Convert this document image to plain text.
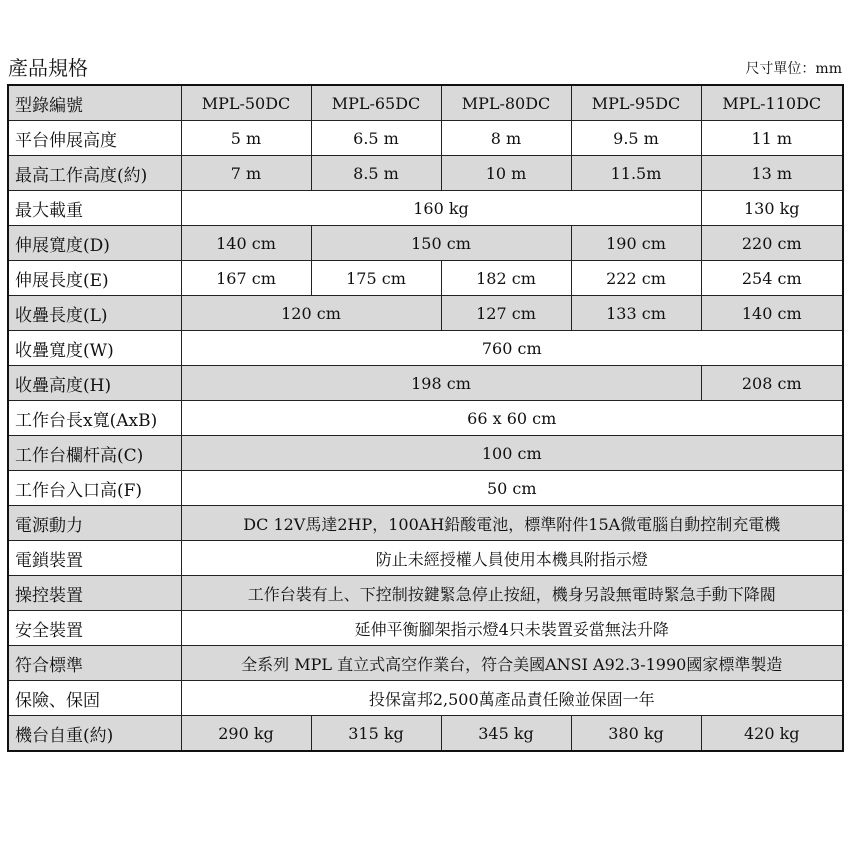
產品規格	尺寸單位：mm
型錄編號	MPL-50DC	MPL-65DC	MPL-80DC	MPL-95DC	MPL-110DC
平台伸展高度	5 m	6.5 m	8 m	9.5 m	11 m
最高工作高度(約)	7 m	8.5 m	10 m	11.5m	13 m
最大載重	160 kg				130 kg
伸展寬度(D)	140 cm	150 cm		190 cm	220 cm
伸展長度(E)	167 cm	175 cm	182 cm	222 cm	254 cm
收疊長度(L)	120 cm		127 cm	133 cm	140 cm
收疊寬度(W)	760 cm				
收疊高度(H)	198 cm				208 cm
工作台長x寬(AxB)	66 x 60 cm				
工作台欄杆高(C)	100 cm				
工作台入口高(F)	50 cm				
電源動力	DC 12V馬達2HP，100AH鉛酸電池，標準附件15A微電腦自動控制充電機				
電鎖裝置	防止未經授權人員使用本機具附指示燈				
操控裝置	工作台裝有上、下控制按鍵緊急停止按紐，機身另設無電時緊急手動下降閥				
安全裝置	延伸平衡腳架指示燈4只未裝置妥當無法升降				
符合標準	全系列 MPL 直立式高空作業台，符合美國ANSI A92.3-1990國家標準製造				
保險、保固	投保富邦2,500萬產品責任險並保固一年				
機台自重(約)	290 kg	315 kg	345 kg	380 kg	420 kg
